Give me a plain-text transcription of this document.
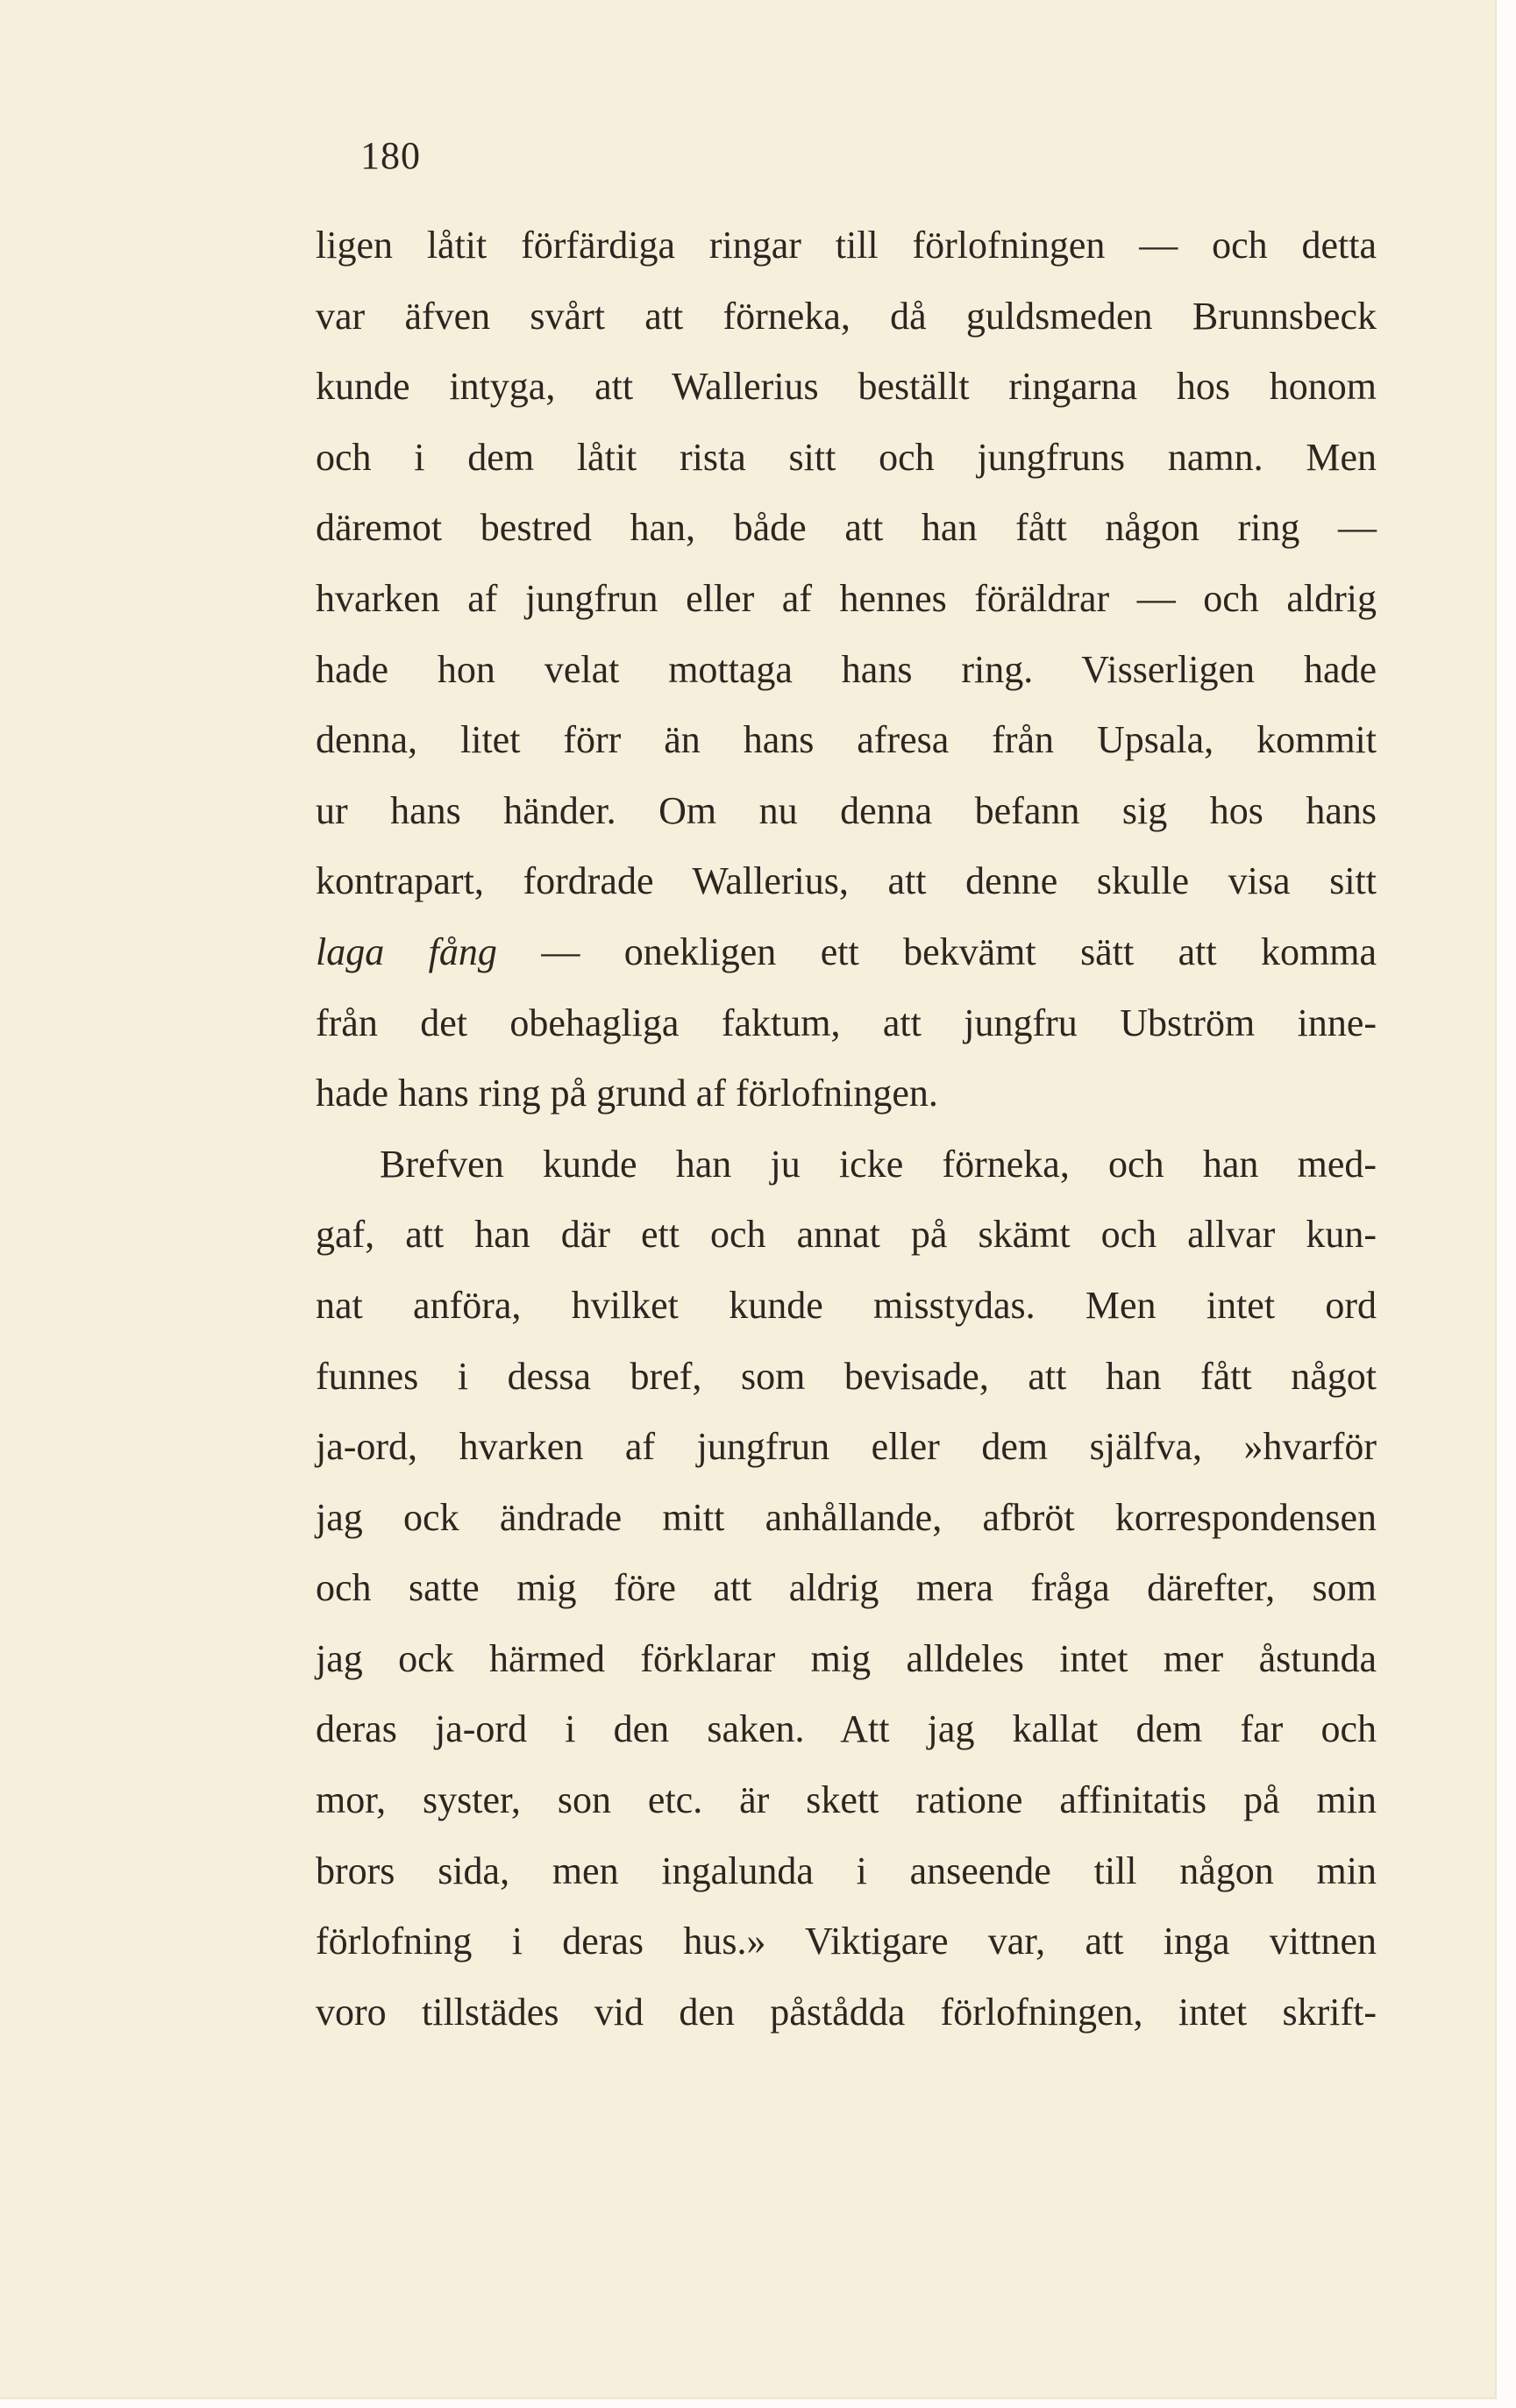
180
ligen låtit förfärdiga ringar till förlofningen — och detta
var äfven svårt att förneka, då guldsmeden Brunnsbeck
kunde intyga, att Wallerius beställt ringarna hos honom
och i dem låtit rista sitt och jungfruns namn. Men
däremot bestred han, både att han fått någon ring —
hvarken af jungfrun eller af hennes föräldrar — och aldrig
hade hon velat mottaga hans ring. Visserligen hade
denna, litet förr än hans afresa från Upsala, kommit
ur hans händer. Om nu denna befann sig hos hans
kontrapart, fordrade Wallerius, att denne skulle visa sitt
laga fång — onekligen ett bekvämt sätt att komma
från det obehagliga faktum, att jungfru Ubström inne-
hade hans ring på grund af förlofningen.
Brefven kunde han ju icke förneka, och han med-
gaf, att han där ett och annat på skämt och allvar kun-
nat anföra, hvilket kunde misstydas. Men intet ord
funnes i dessa bref, som bevisade, att han fått något
ja-ord, hvarken af jungfrun eller dem själfva, »hvarför
jag ock ändrade mitt anhållande, afbröt korrespondensen
och satte mig före att aldrig mera fråga därefter, som
jag ock härmed förklarar mig alldeles intet mer åstunda
deras ja-ord i den saken. Att jag kallat dem far och
mor, syster, son etc. är skett ratione affinitatis på min
brors sida, men ingalunda i anseende till någon min
förlofning i deras hus.» Viktigare var, att inga vittnen
voro tillstädes vid den påstådda förlofningen, intet skrift-
